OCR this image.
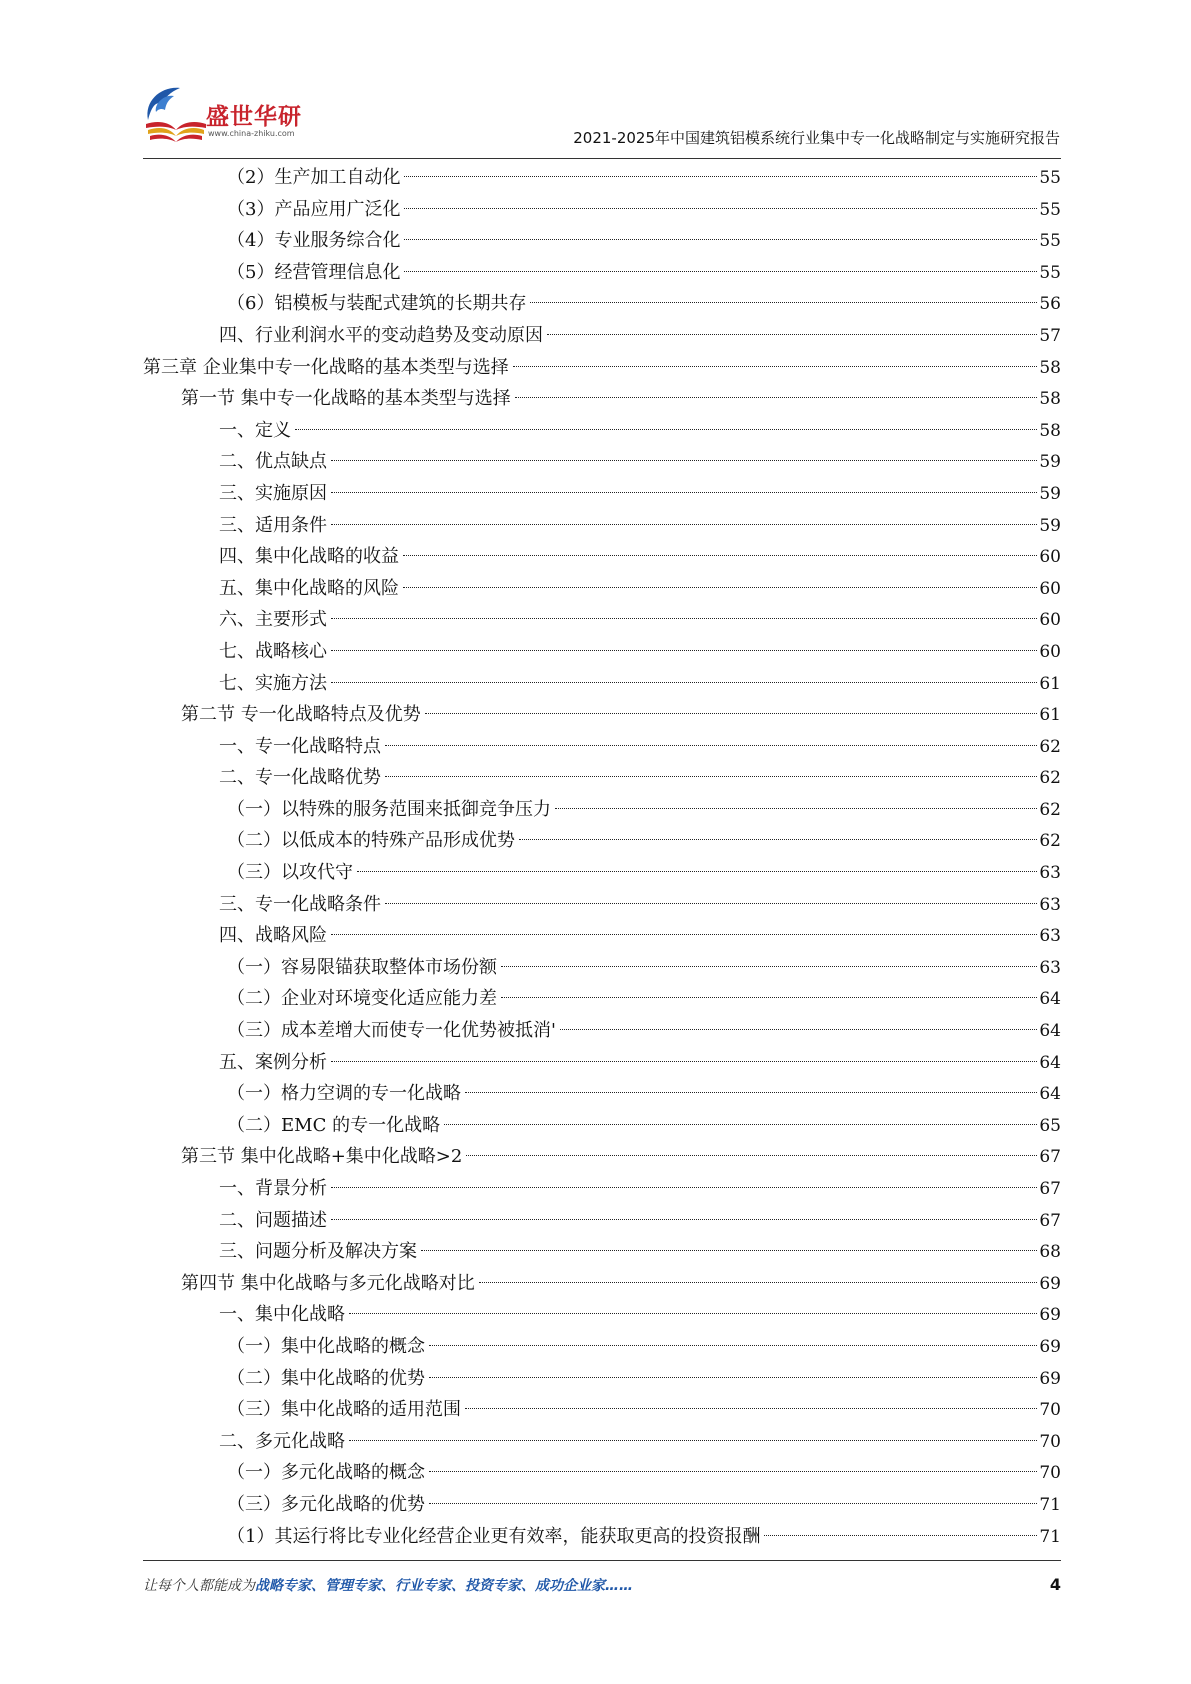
盛世华研
www.china-zhiku.com	2021-2025年中国建筑铝模系统行业集中专一化战略制定与实施研究报告
（2）生产加工自动化	55
（3）产品应用广泛化	55
（4）专业服务综合化	55
（5）经营管理信息化	55
（6）铝模板与装配式建筑的长期共存	56
四、行业利润水平的变动趋势及变动原因	57
第三章 企业集中专一化战略的基本类型与选择	58
第一节 集中专一化战略的基本类型与选择	58
一、定义	58
二、优点缺点	59
三、实施原因	59
三、适用条件	59
四、集中化战略的收益	60
五、集中化战略的风险	60
六、主要形式	60
七、战略核心	60
七、实施方法	61
第二节 专一化战略特点及优势	61
一、专一化战略特点	62
二、专一化战略优势	62
（一）以特殊的服务范围来抵御竞争压力	62
（二）以低成本的特殊产品形成优势	62
（三）以攻代守	63
三、专一化战略条件	63
四、战略风险	63
（一）容易限锚获取整体市场份额	63
（二）企业对环境变化适应能力差	64
（三）成本差增大而使专一化优势被抵消'	64
五、案例分析	64
（一）格力空调的专一化战略	64
（二）EMC 的专一化战略	65
第三节 集中化战略+集中化战略>2	67
一、背景分析	67
二、问题描述	67
三、问题分析及解决方案	68
第四节 集中化战略与多元化战略对比	69
一、集中化战略	69
（一）集中化战略的概念	69
（二）集中化战略的优势	69
（三）集中化战略的适用范围	70
二、多元化战略	70
（一）多元化战略的概念	70
（三）多元化战略的优势	71
（1）其运行将比专业化经营企业更有效率，能获取更高的投资报酬	71
让每个人都能成为战略专家、管理专家、行业专家、投资专家、成功企业家……	4
